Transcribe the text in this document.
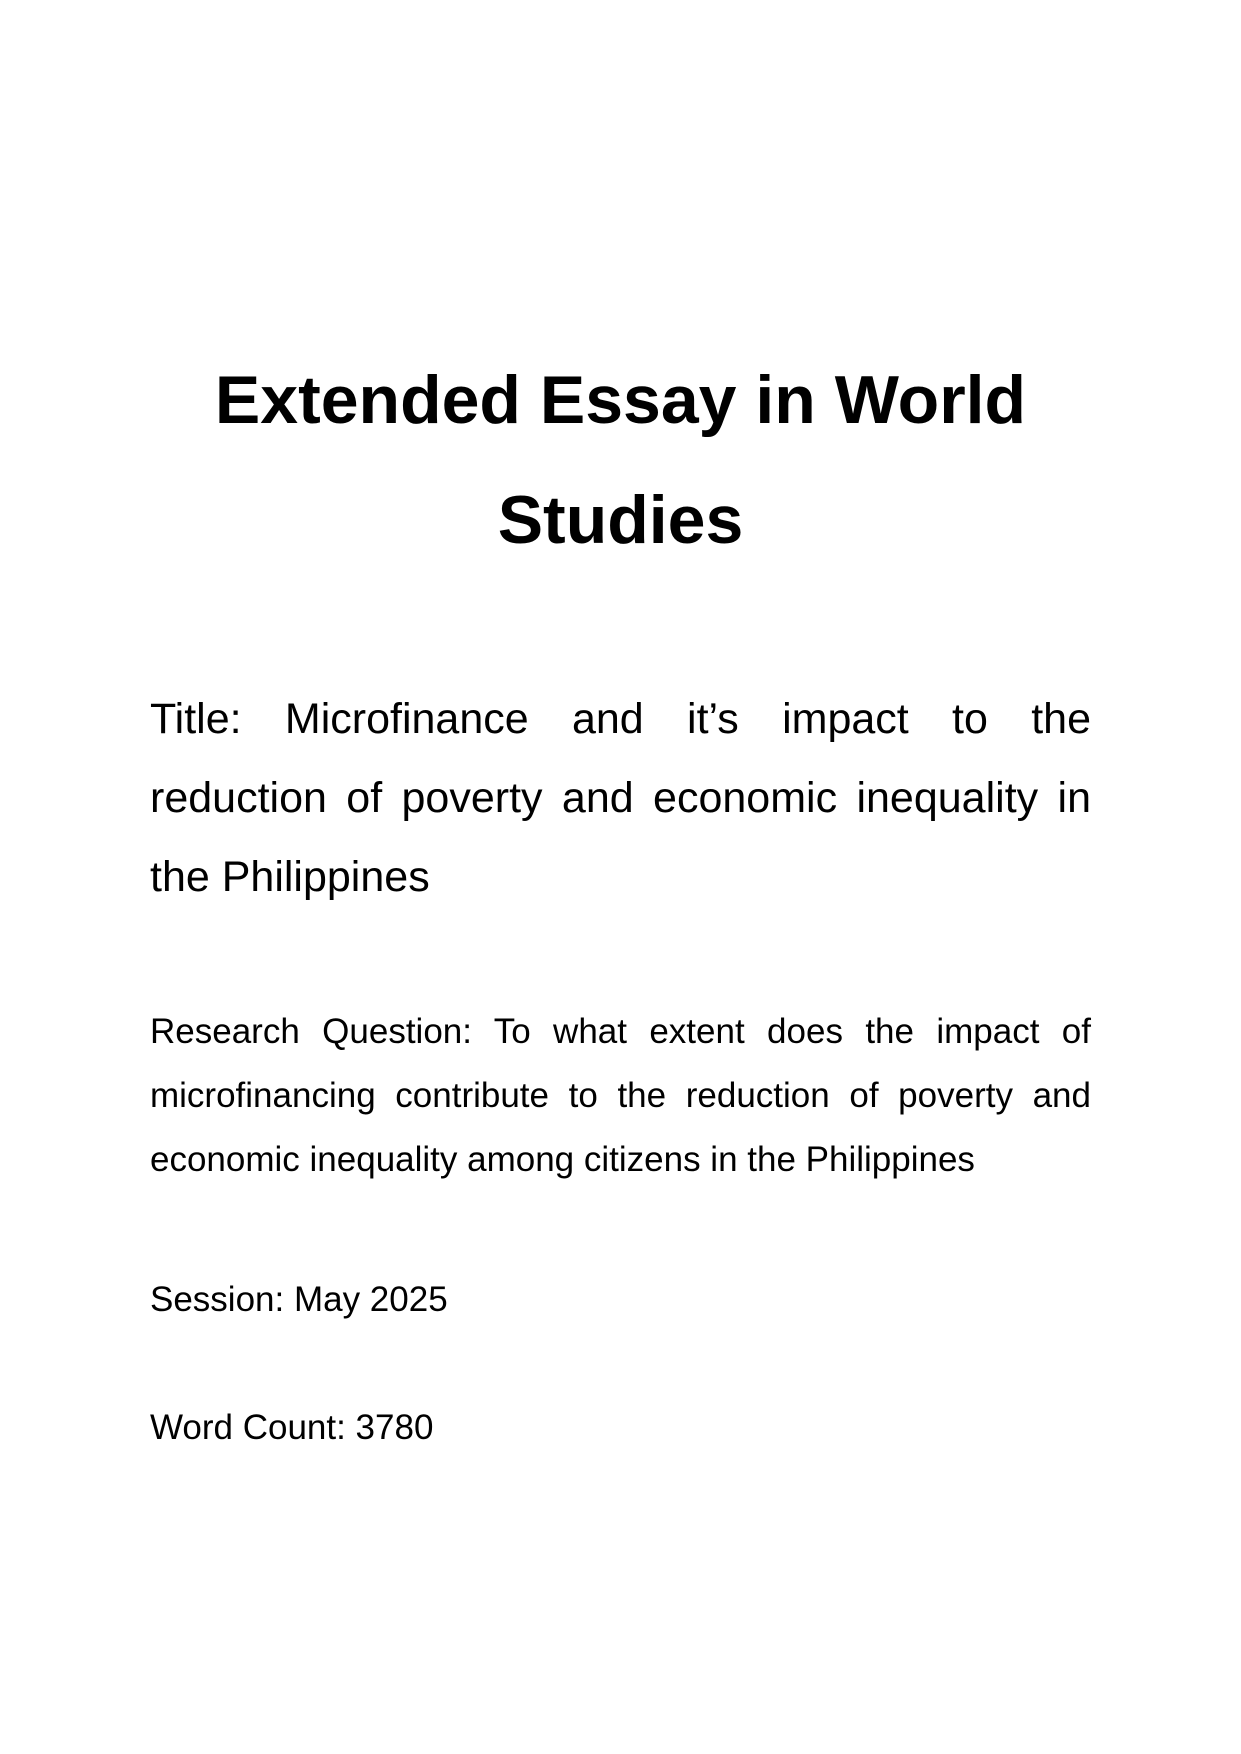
Extended Essay in World Studies

Title: Microfinance and it’s impact to the reduction of poverty and economic inequality in the Philippines

Research Question: To what extent does the impact of microfinancing contribute to the reduction of poverty and economic inequality among citizens in the Philippines

Session: May 2025

Word Count: 3780
